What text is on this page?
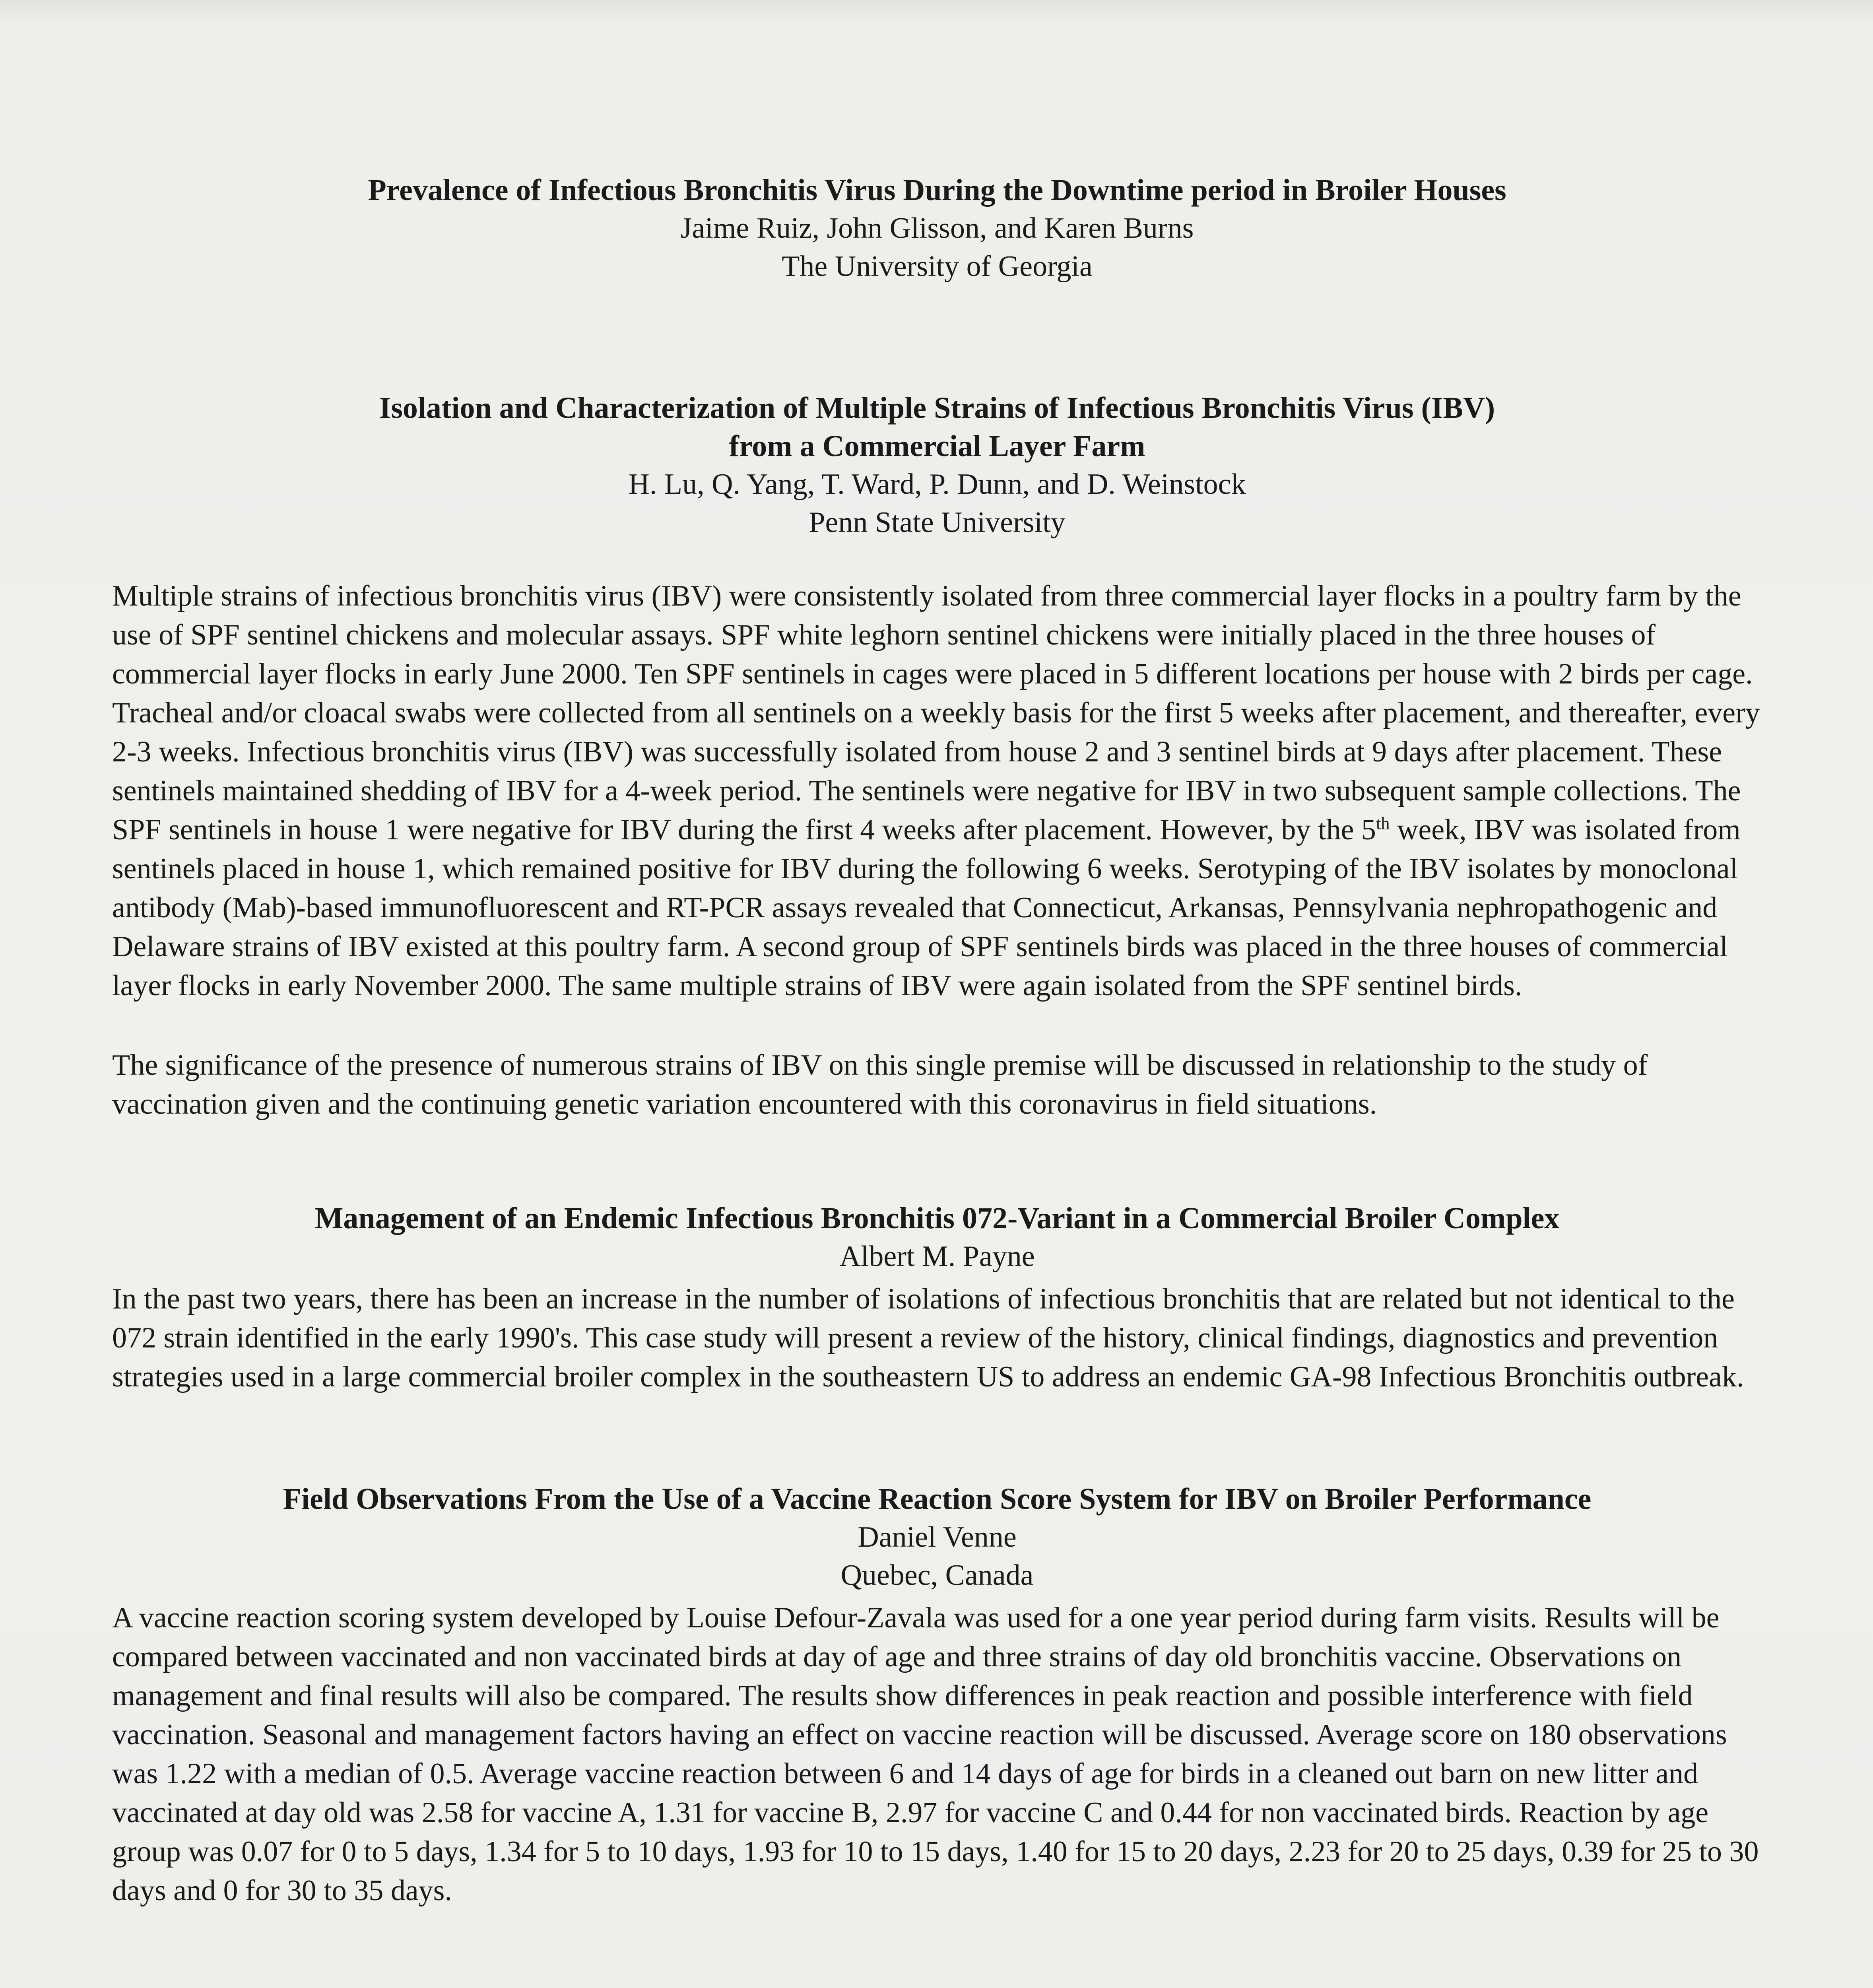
Prevalence of Infectious Bronchitis Virus During the Downtime period in Broiler Houses

Jaime Ruiz, John Glisson, and Karen Burns

The University of Georgia

Isolation and Characterization of Multiple Strains of Infectious Bronchitis Virus (IBV)

from a Commercial Layer Farm

H. Lu, Q. Yang, T. Ward, P. Dunn, and D. Weinstock

Penn State University

Multiple strains of infectious bronchitis virus (IBV) were consistently isolated from three commercial layer flocks in a poultry farm by the use of SPF sentinel chickens and molecular assays. SPF white leghorn sentinel chickens were initially placed in the three houses of commercial layer flocks in early June 2000. Ten SPF sentinels in cages were placed in 5 different locations per house with 2 birds per cage. Tracheal and/or cloacal swabs were collected from all sentinels on a weekly basis for the first 5 weeks after placement, and thereafter, every 2-3 weeks. Infectious bronchitis virus (IBV) was successfully isolated from house 2 and 3 sentinel birds at 9 days after placement. These sentinels maintained shedding of IBV for a 4-week period. The sentinels were negative for IBV in two subsequent sample collections. The SPF sentinels in house 1 were negative for IBV during the first 4 weeks after placement. However, by the 5th week, IBV was isolated from sentinels placed in house 1, which remained positive for IBV during the following 6 weeks. Serotyping of the IBV isolates by monoclonal antibody (Mab)-based immunofluorescent and RT-PCR assays revealed that Connecticut, Arkansas, Pennsylvania nephropathogenic and Delaware strains of IBV existed at this poultry farm. A second group of SPF sentinels birds was placed in the three houses of commercial layer flocks in early November 2000. The same multiple strains of IBV were again isolated from the SPF sentinel birds.

The significance of the presence of numerous strains of IBV on this single premise will be discussed in relationship to the study of vaccination given and the continuing genetic variation encountered with this coronavirus in field situations.

Management of an Endemic Infectious Bronchitis 072-Variant in a Commercial Broiler Complex

Albert M. Payne

In the past two years, there has been an increase in the number of isolations of infectious bronchitis that are related but not identical to the 072 strain identified in the early 1990's. This case study will present a review of the history, clinical findings, diagnostics and prevention strategies used in a large commercial broiler complex in the southeastern US to address an endemic GA-98 Infectious Bronchitis outbreak.

Field Observations From the Use of a Vaccine Reaction Score System for IBV on Broiler Performance

Daniel Venne

Quebec, Canada

A vaccine reaction scoring system developed by Louise Defour-Zavala was used for a one year period during farm visits. Results will be compared between vaccinated and non vaccinated birds at day of age and three strains of day old bronchitis vaccine. Observations on management and final results will also be compared. The results show differences in peak reaction and possible interference with field vaccination. Seasonal and management factors having an effect on vaccine reaction will be discussed. Average score on 180 observations was 1.22 with a median of 0.5. Average vaccine reaction between 6 and 14 days of age for birds in a cleaned out barn on new litter and vaccinated at day old was 2.58 for vaccine A, 1.31 for vaccine B, 2.97 for vaccine C and 0.44 for non vaccinated birds. Reaction by age group was 0.07 for 0 to 5 days, 1.34 for 5 to 10 days, 1.93 for 10 to 15 days, 1.40 for 15 to 20 days, 2.23 for 20 to 25 days, 0.39 for 25 to 30 days and 0 for 30 to 35 days.
